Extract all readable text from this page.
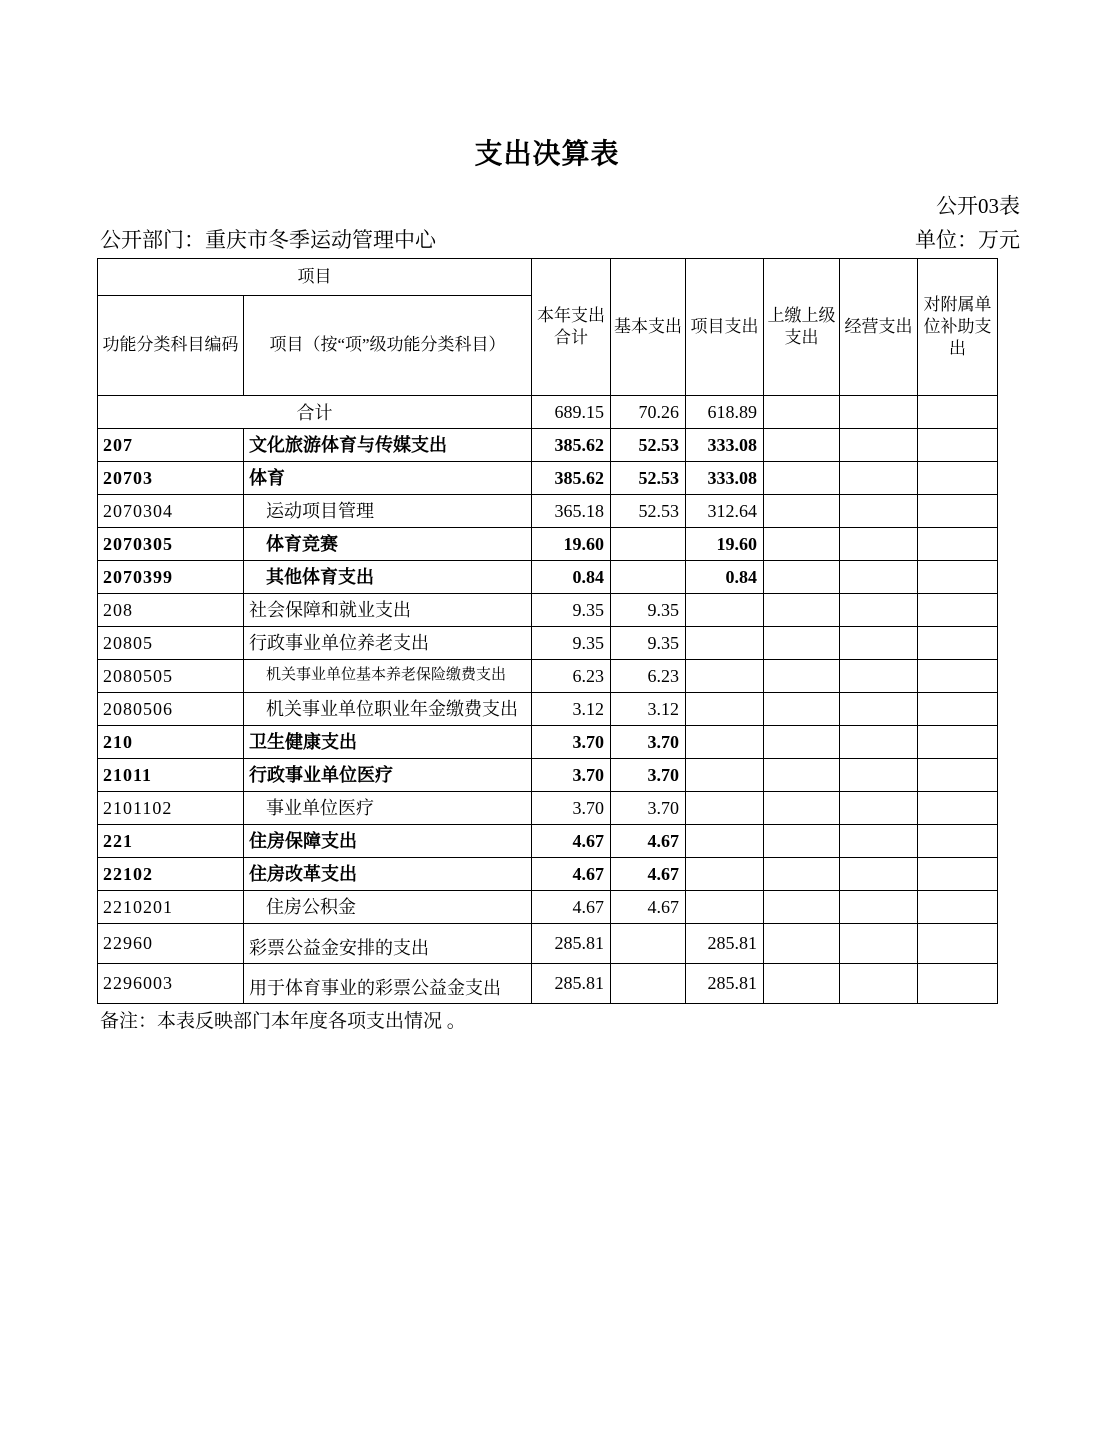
支出决算表
公开03表
公开部门：重庆市冬季运动管理中心	单位：万元
项目		本年支出合计	基本支出	项目支出	上缴上级支出	经营支出	对附属单位补助支出
功能分类科目编码	项目（按“项”级功能分类科目）						
合计		689.15	70.26	618.89			
207	文化旅游体育与传媒支出	385.62	52.53	333.08			
20703	体育	385.62	52.53	333.08			
2070304	运动项目管理	365.18	52.53	312.64			
2070305	体育竞赛	19.60		19.60			
2070399	其他体育支出	0.84		0.84			
208	社会保障和就业支出	9.35	9.35				
20805	行政事业单位养老支出	9.35	9.35				
2080505	机关事业单位基本养老保险缴费支出	6.23	6.23				
2080506	机关事业单位职业年金缴费支出	3.12	3.12				
210	卫生健康支出	3.70	3.70				
21011	行政事业单位医疗	3.70	3.70				
2101102	事业单位医疗	3.70	3.70				
221	住房保障支出	4.67	4.67				
22102	住房改革支出	4.67	4.67				
2210201	住房公积金	4.67	4.67				
22960	彩票公益金安排的支出	285.81		285.81			
2296003	用于体育事业的彩票公益金支出	285.81		285.81			
备注：本表反映部门本年度各项支出情况 。
